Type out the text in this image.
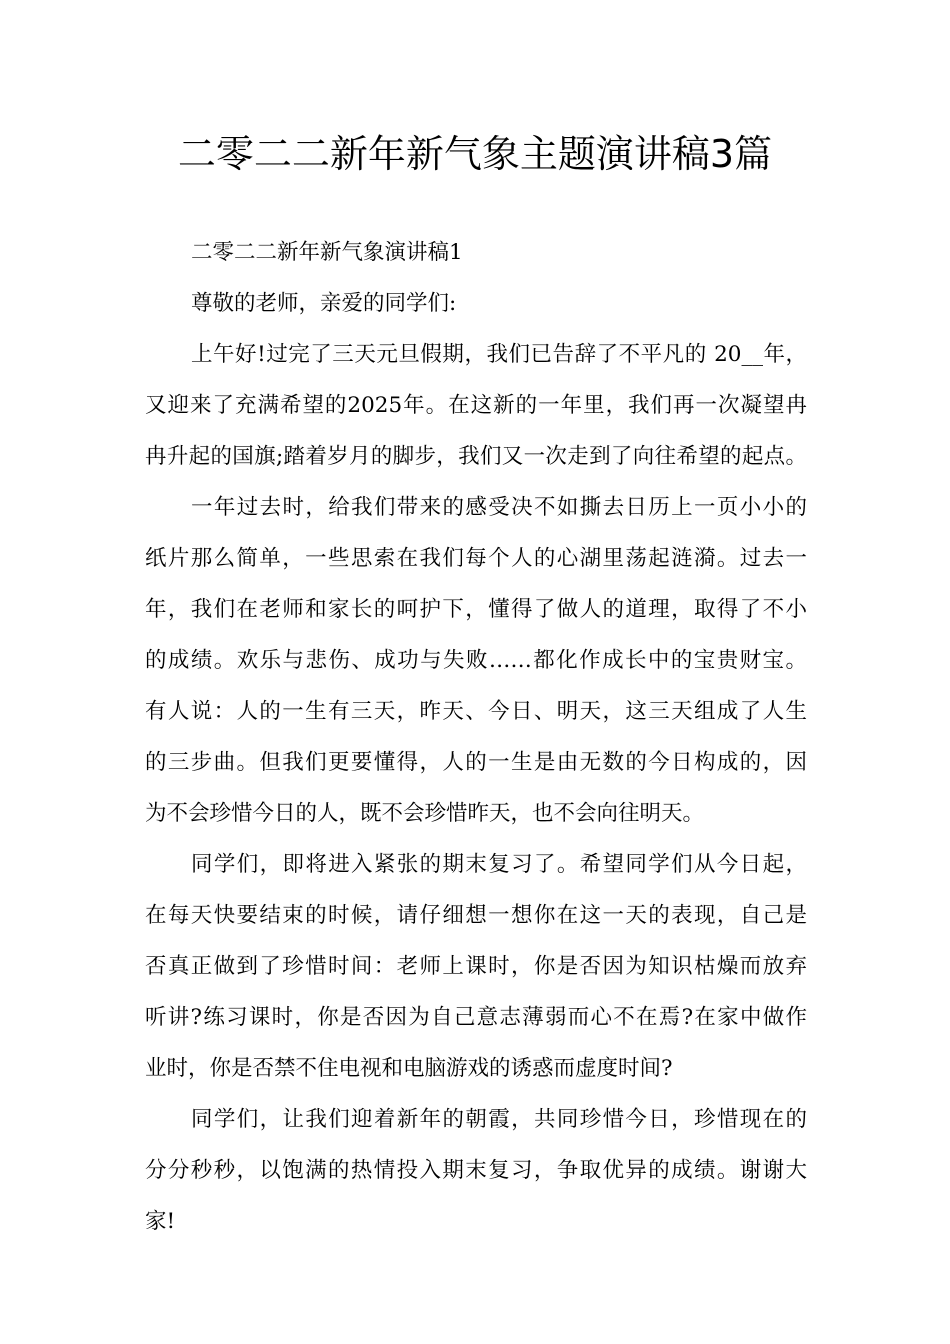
二零二二新年新气象主题演讲稿3篇
二零二二新年新气象演讲稿1
尊敬的老师，亲爱的同学们:
上午好!过完了三天元旦假期，我们已告辞了不平凡的 20__年，
又迎来了充满希望的2025年。在这新的一年里，我们再一次凝望冉
冉升起的国旗;踏着岁月的脚步，我们又一次走到了向往希望的起点。
一年过去时，给我们带来的感受决不如撕去日历上一页小小的
纸片那么简单，一些思索在我们每个人的心湖里荡起涟漪。过去一
年，我们在老师和家长的呵护下，懂得了做人的道理，取得了不小
的成绩。欢乐与悲伤、成功与失败……都化作成长中的宝贵财宝。
有人说：人的一生有三天，昨天、今日、明天，这三天组成了人生
的三步曲。但我们更要懂得，人的一生是由无数的今日构成的，因
为不会珍惜今日的人，既不会珍惜昨天，也不会向往明天。
同学们，即将进入紧张的期末复习了。希望同学们从今日起，
在每天快要结束的时候，请仔细想一想你在这一天的表现，自己是
否真正做到了珍惜时间：老师上课时，你是否因为知识枯燥而放弃
听讲?练习课时，你是否因为自己意志薄弱而心不在焉?在家中做作
业时，你是否禁不住电视和电脑游戏的诱惑而虚度时间?
同学们，让我们迎着新年的朝霞，共同珍惜今日，珍惜现在的
分分秒秒，以饱满的热情投入期末复习，争取优异的成绩。谢谢大
家!
